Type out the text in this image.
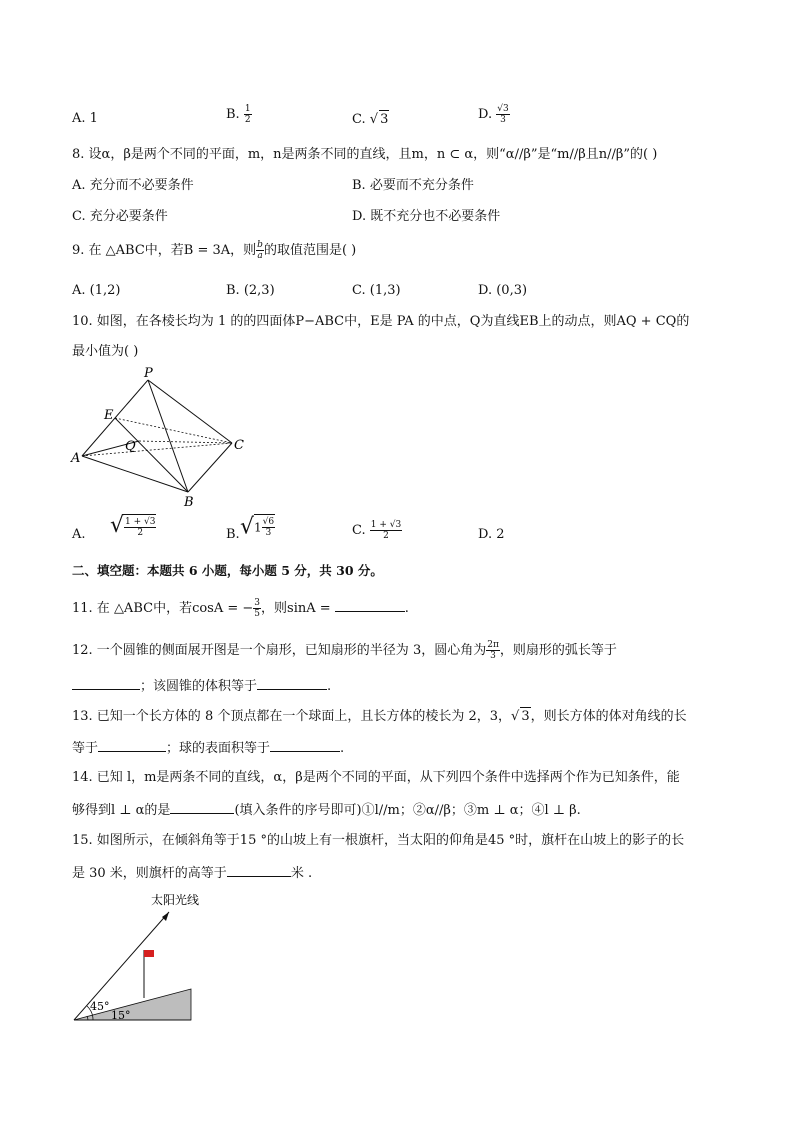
A. 1	B. $\frac{1}{2}$	C. √ 3	D. $\frac{√3}{3}$
8. 设α，β是两个不同的平面，m，n是两条不同的直线，且m，n ⊂ α，则“α//β”是“m//β且n//β”的( )
A. 充分而不必要条件	B. 必要而不充分条件
C. 充分必要条件	D. 既不充分也不必要条件
9. 在 △ABC中，若B = 3A，则 $\frac{b}{a}$ 的取值范围是( )
A. (1,2)	B. (2,3)	C. (1,3)	D. (0,3)
10. 如图，在各棱长均为 1 的的四面体P−ABC中，E是 PA 的中点，Q为直线EB上的动点，则AQ + CQ的
最小值为( )
P
E
Q
A
B
C
A. √ $\frac{1 + √3}{2}$	B. $√1 \frac{√6}{3}$	C. $\frac{1 + √3}{2}$	D. 2
二、填空题：本题共 6 小题，每小题 5 分，共 30 分。
11. 在 △ABC中，若cosA = − $\frac{3}{5}$ ，则sinA =	.
12. 一个圆锥的侧面展开图是一个扇形，已知扇形的半径为 3，圆心角为 $\frac{2\pi}{3}$ ，则扇形的弧长等于
；该圆锥的体积等于	.
13. 已知一个长方体的 8 个顶点都在一个球面上，且长方体的棱长为 2，3，√ 3，则长方体的体对角线的长
等于	；球的表面积等于	.
14. 已知 l，m是两条不同的直线，α，β是两个不同的平面，从下列四个条件中选择两个作为已知条件，能
够得到l ⊥ α的是	(填入条件的序号即可)①l//m；②α//β；③m ⊥ α；④l ⊥ β.
15. 如图所示，在倾斜角等于15 °的山坡上有一根旗杆，当太阳的仰角是45 °时，旗杆在山坡上的影子的长
是 30 米，则旗杆的高等于	米 .
太阳光线
45°
15°
